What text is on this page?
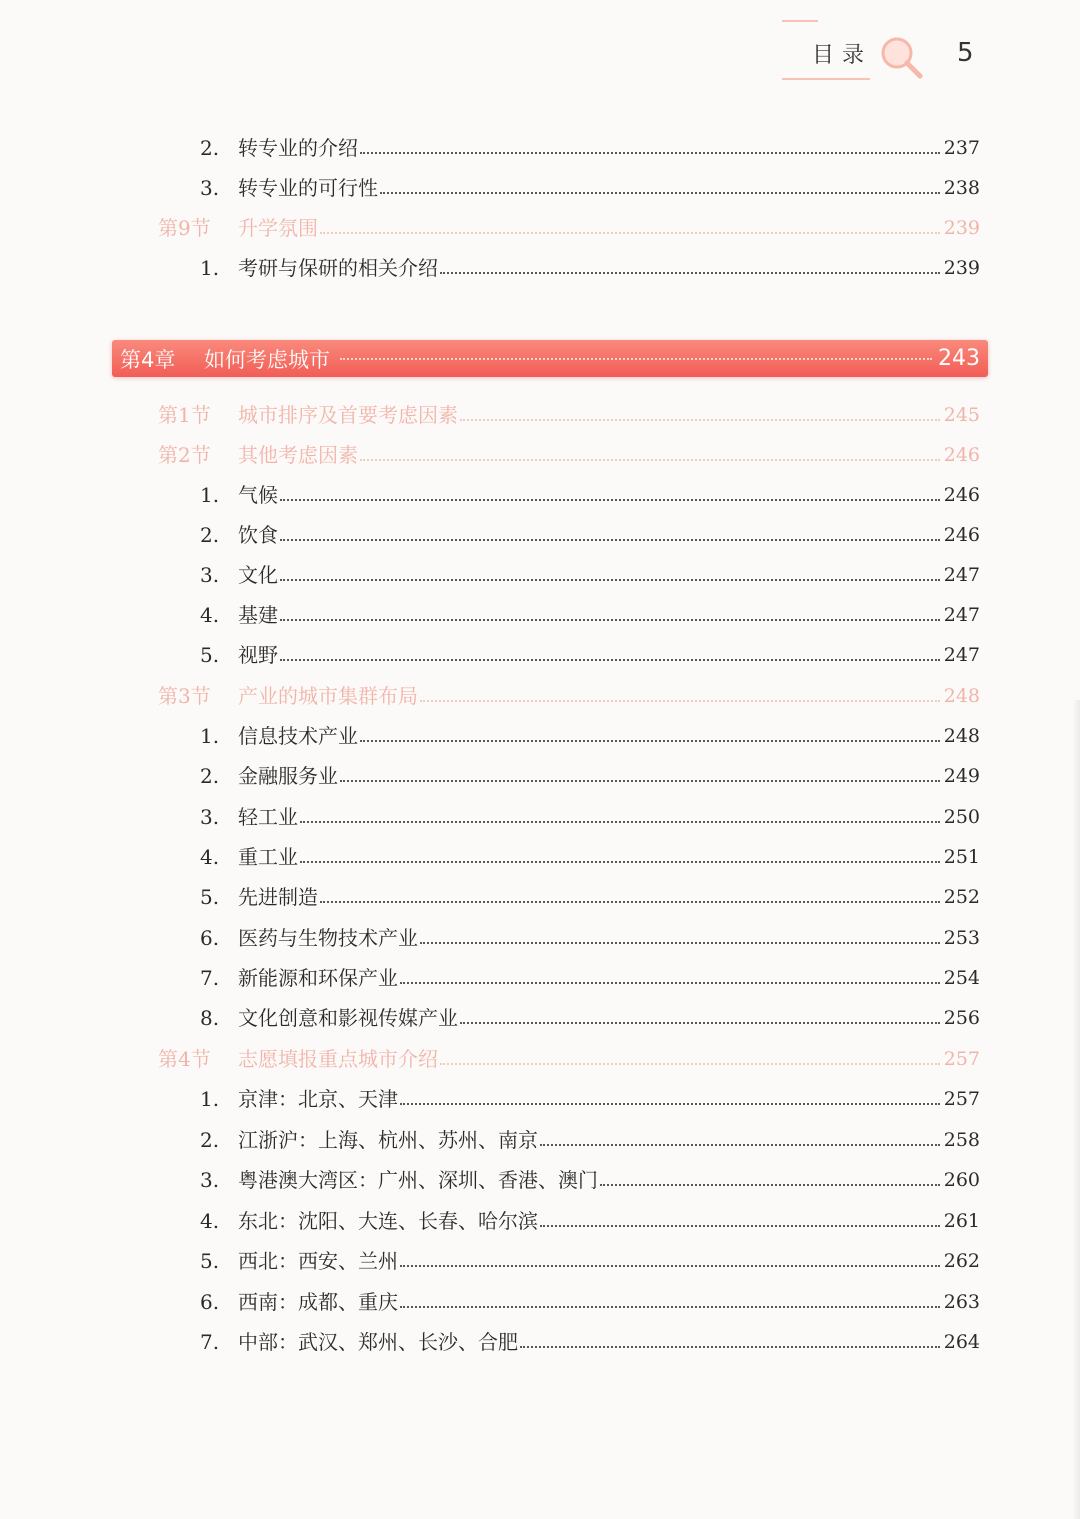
目录	5
2. 转专业的介绍	237
3. 转专业的可行性	238
第9节	升学氛围	239
1. 考研与保研的相关介绍	239
第4章	如何考虑城市	243
第1节	城市排序及首要考虑因素	245
第2节	其他考虑因素	246
1. 气候	246
2. 饮食	246
3. 文化	247
4. 基建	247
5. 视野	247
第3节	产业的城市集群布局	248
1. 信息技术产业	248
2. 金融服务业	249
3. 轻工业	250
4. 重工业	251
5. 先进制造	252
6. 医药与生物技术产业	253
7. 新能源和环保产业	254
8. 文化创意和影视传媒产业	256
第4节	志愿填报重点城市介绍	257
1. 京津：北京、天津	257
2. 江浙沪：上海、杭州、苏州、南京	258
3. 粤港澳大湾区：广州、深圳、香港、澳门	260
4. 东北：沈阳、大连、长春、哈尔滨	261
5. 西北：西安、兰州	262
6. 西南：成都、重庆	263
7. 中部：武汉、郑州、长沙、合肥	264
